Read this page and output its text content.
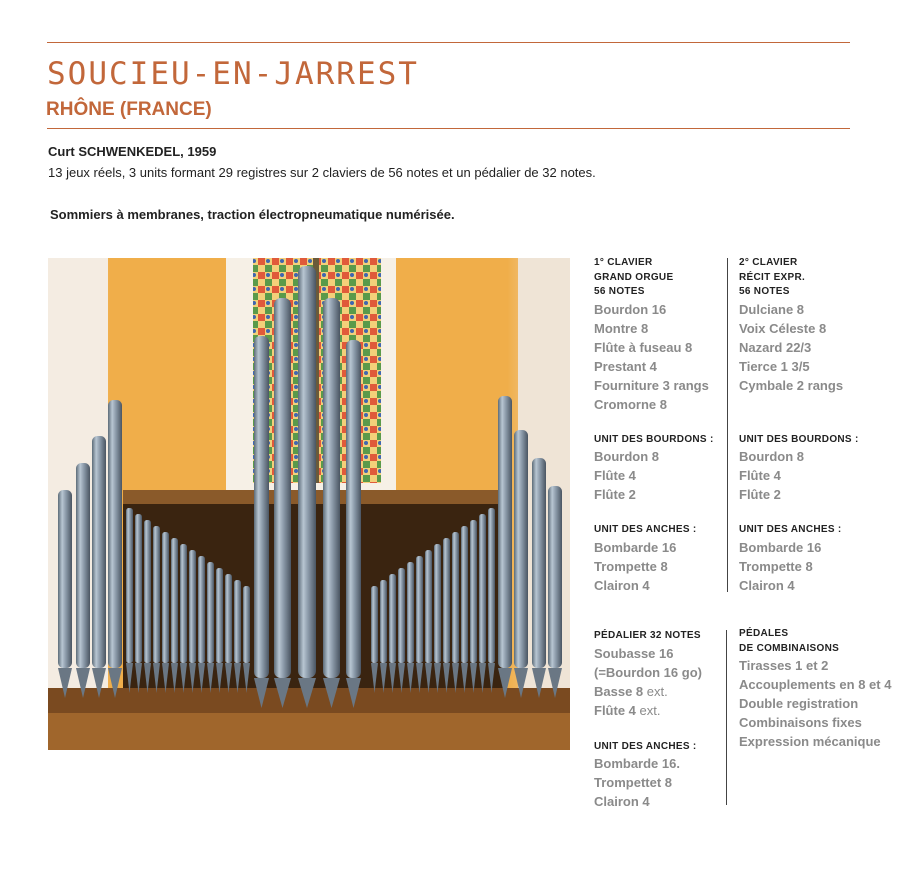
SOUCIEU-EN-JARREST
RHÔNE (FRANCE)
Curt SCHWENKEDEL, 1959
13 jeux réels, 3 units formant 29 registres sur 2 claviers de 56 notes et un pédalier de 32 notes.
Sommiers à membranes, traction électropneumatique numérisée.
1° CLAVIER
GRAND ORGUE
56 NOTES
Bourdon 16
Montre 8
Flûte à fuseau 8
Prestant 4
Fourniture 3 rangs
Cromorne 8
UNIT DES BOURDONS :
Bourdon 8
Flûte 4
Flûte 2
UNIT DES ANCHES :
Bombarde 16
Trompette 8
Clairon 4
2° CLAVIER
RÉCIT EXPR.
56 NOTES
Dulciane 8
Voix Céleste 8
Nazard 22/3
Tierce 1 3/5
Cymbale 2 rangs
UNIT DES BOURDONS :
Bourdon 8
Flûte 4
Flûte 2
UNIT DES ANCHES :
Bombarde 16
Trompette 8
Clairon 4
PÉDALIER 32 NOTES
Soubasse 16
(=Bourdon 16 go)
Basse 8 ext.
Flûte 4 ext.
UNIT DES ANCHES :
Bombarde 16.
Trompettet 8
Clairon 4
PÉDALES
DE COMBINAISONS
Tirasses 1 et 2
Accouplements en 8 et 4
Double registration
Combinaisons fixes
Expression mécanique
